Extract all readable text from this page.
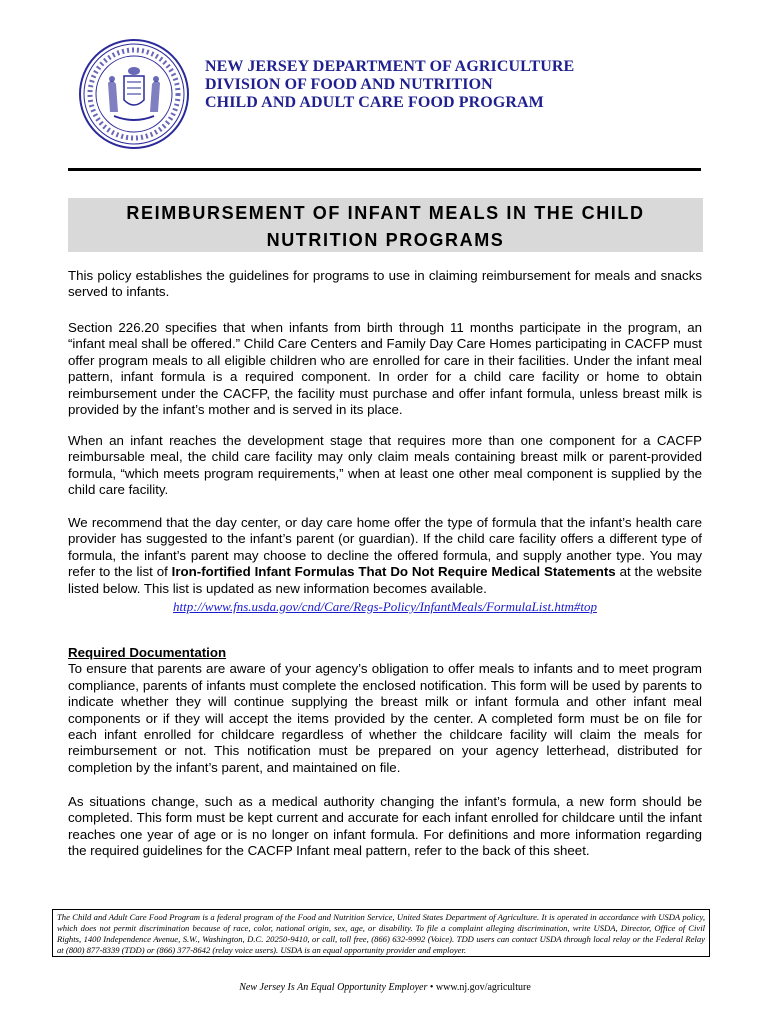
NEW JERSEY DEPARTMENT OF AGRICULTURE
DIVISION OF FOOD AND NUTRITION
CHILD AND ADULT CARE FOOD PROGRAM
REIMBURSEMENT OF INFANT MEALS IN THE CHILD
NUTRITION PROGRAMS

This policy establishes the guidelines for programs to use in claiming reimbursement for meals and snacks served to infants.

Section 226.20 specifies that when infants from birth through 11 months participate in the program, an “infant meal shall be offered.” Child Care Centers and Family Day Care Homes participating in CACFP must offer program meals to all eligible children who are enrolled for care in their facilities. Under the infant meal pattern, infant formula is a required component. In order for a child care facility or home to obtain reimbursement under the CACFP, the facility must purchase and offer infant formula, unless breast milk is provided by the infant’s mother and is served in its place.

When an infant reaches the development stage that requires more than one component for a CACFP reimbursable meal, the child care facility may only claim meals containing breast milk or parent-provided formula, “which meets program requirements,” when at least one other meal component is supplied by the child care facility.

We recommend that the day center, or day care home offer the type of formula that the infant’s health care provider has suggested to the infant’s parent (or guardian). If the child care facility offers a different type of formula, the infant’s parent may choose to decline the offered formula, and supply another type. You may refer to the list of Iron-fortified Infant Formulas That Do Not Require Medical Statements at the website listed below. This list is updated as new information becomes available.

http://www.fns.usda.gov/cnd/Care/Regs-Policy/InfantMeals/FormulaList.htm#top

Required Documentation

To ensure that parents are aware of your agency’s obligation to offer meals to infants and to meet program compliance, parents of infants must complete the enclosed notification. This form will be used by parents to indicate whether they will continue supplying the breast milk or infant formula and other infant meal components or if they will accept the items provided by the center. A completed form must be on file for each infant enrolled for childcare regardless of whether the childcare facility will claim the meals for reimbursement or not. This notification must be prepared on your agency letterhead, distributed for completion by the infant’s parent, and maintained on file.

As situations change, such as a medical authority changing the infant’s formula, a new form should be completed. This form must be kept current and accurate for each infant enrolled for childcare until the infant reaches one year of age or is no longer on infant formula. For definitions and more information regarding the required guidelines for the CACFP Infant meal pattern, refer to the back of this sheet.

The Child and Adult Care Food Program is a federal program of the Food and Nutrition Service, United States Department of Agriculture. It is operated in accordance with USDA policy, which does not permit discrimination because of race, color, national origin, sex, age, or disability. To file a complaint alleging discrimination, write USDA, Director, Office of Civil Rights, 1400 Independence Avenue, S.W., Washington, D.C. 20250-9410, or call, toll free, (866) 632-9992 (Voice). TDD users can contact USDA through local relay or the Federal Relay at (800) 877-8339 (TDD) or (866) 377-8642 (relay voice users). USDA is an equal opportunity provider and employer.
New Jersey Is An Equal Opportunity Employer • www.nj.gov/agriculture
